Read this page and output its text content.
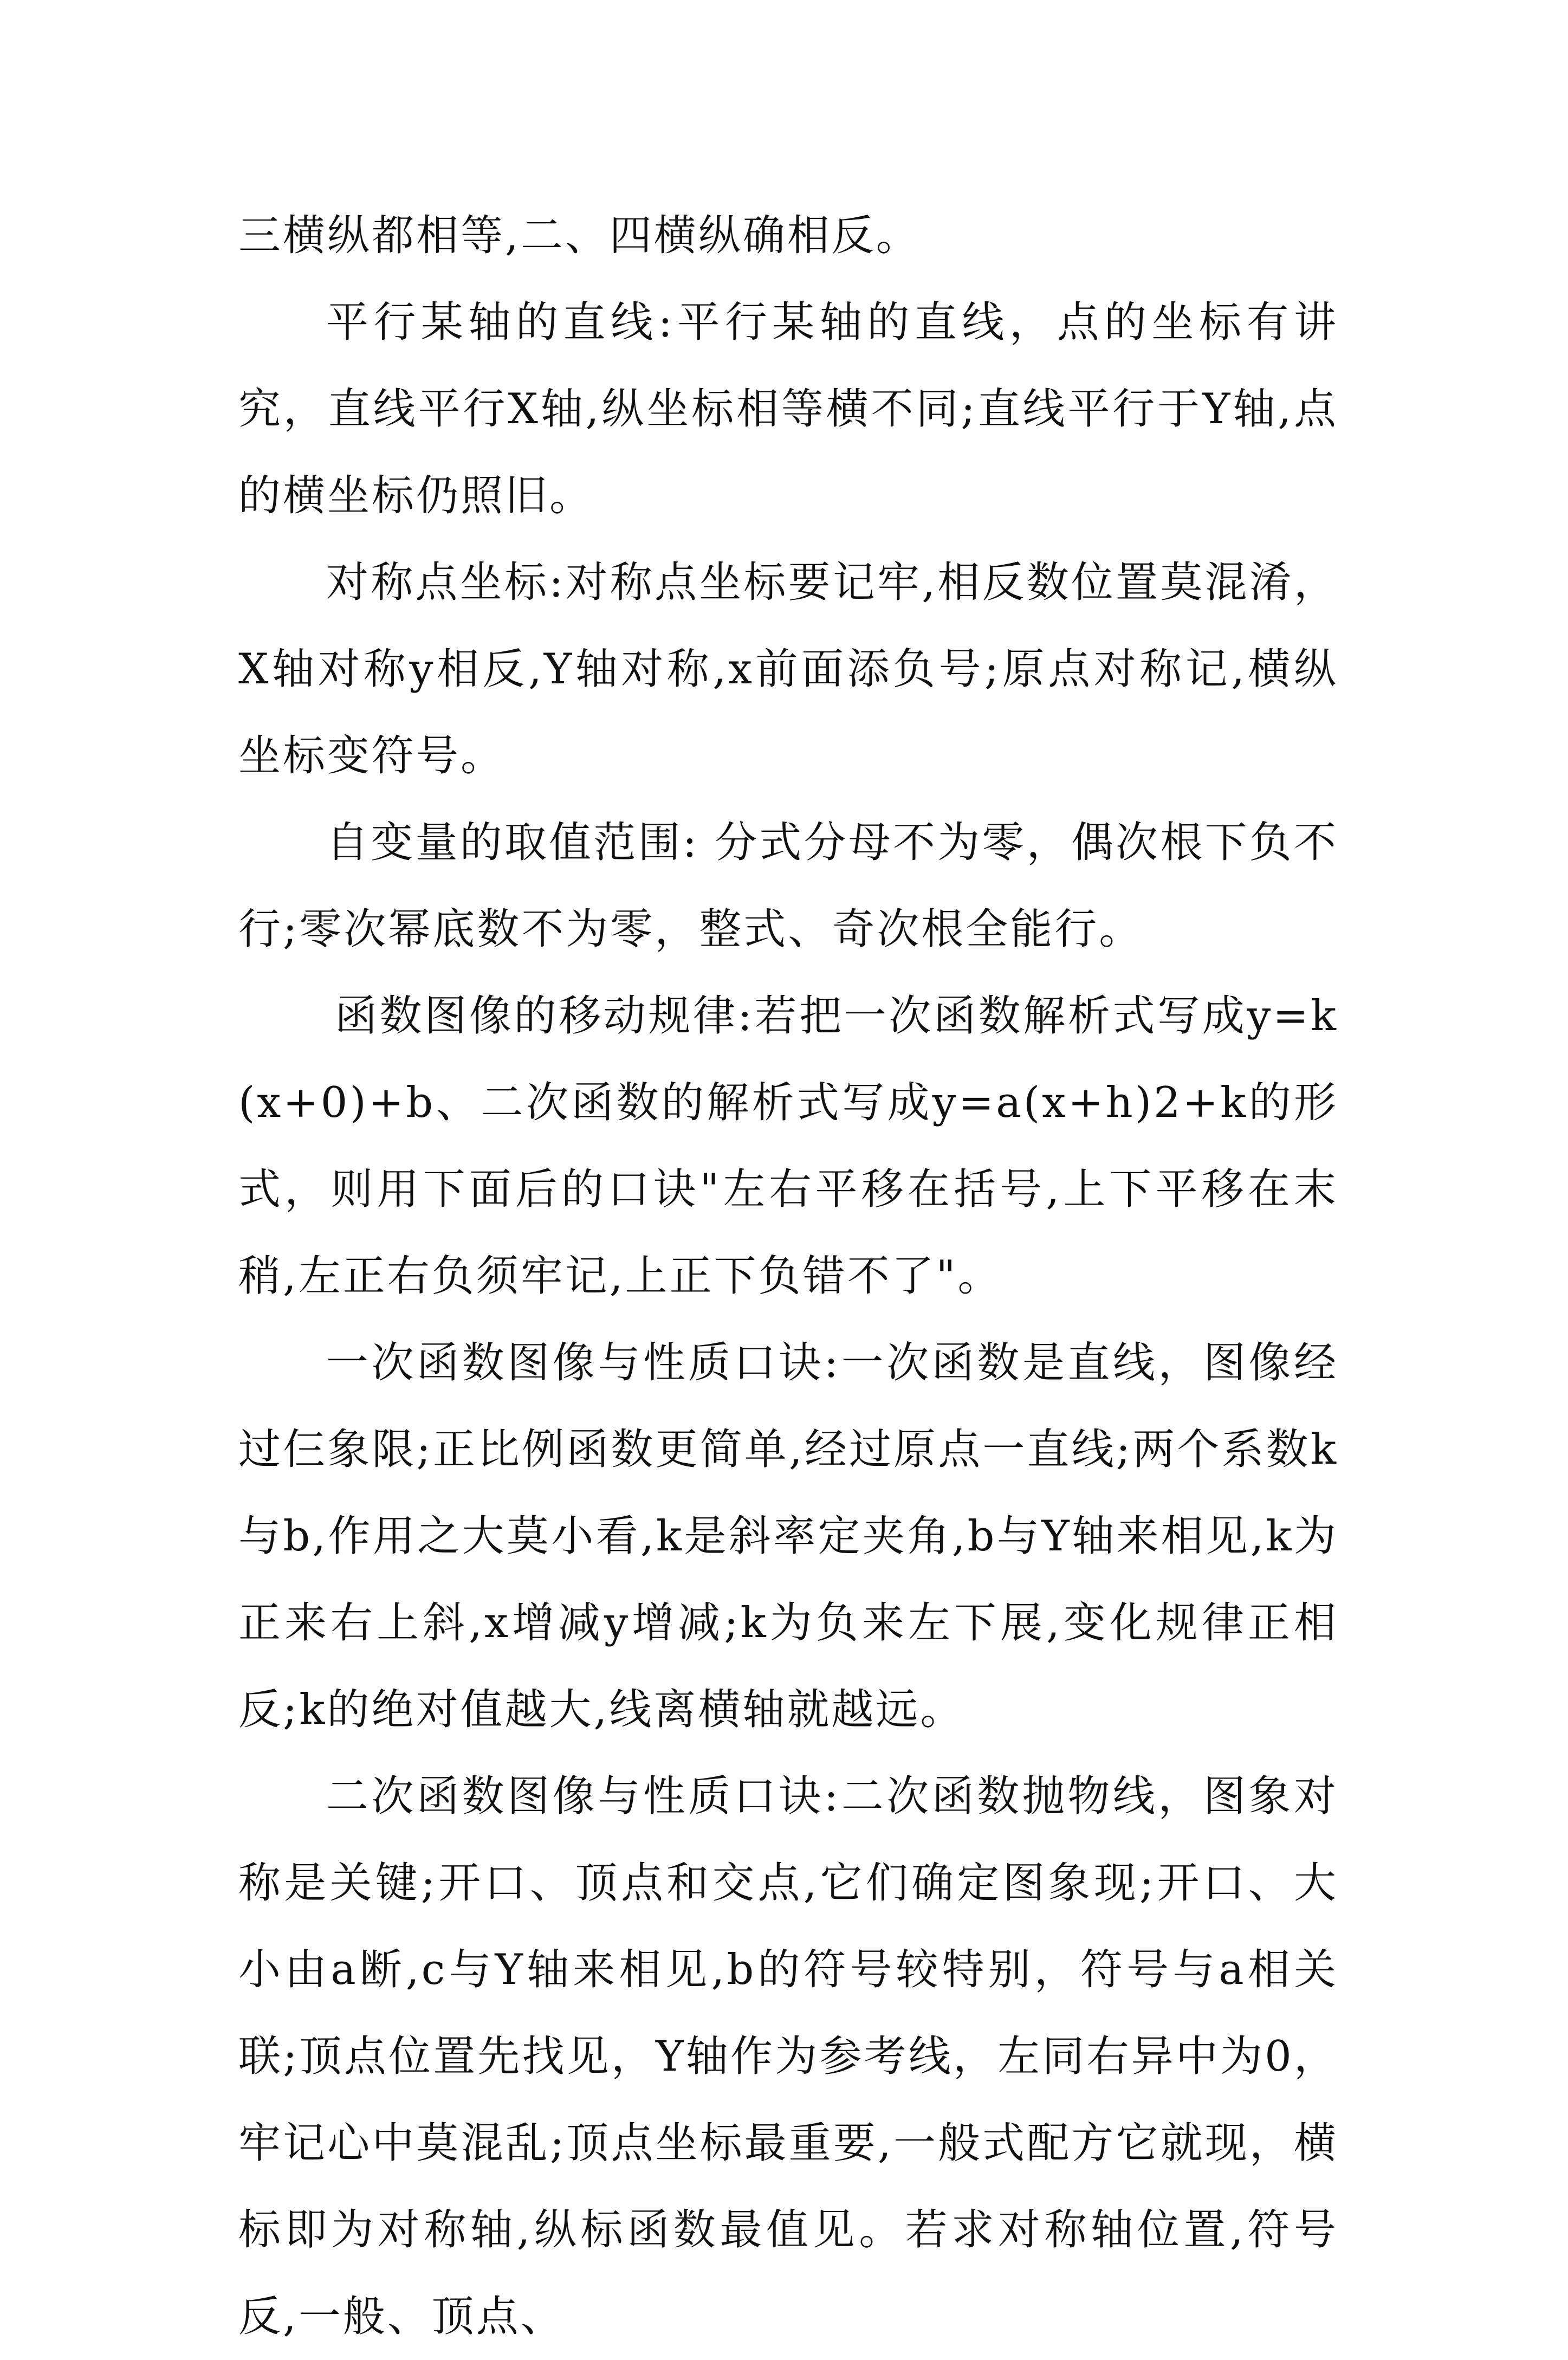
三横纵都相等,二、四横纵确相反。

平行某轴的直线:平行某轴的直线，点的坐标有讲究，直线平行X轴,纵坐标相等横不同;直线平行于Y轴,点的横坐标仍照旧。

对称点坐标:对称点坐标要记牢,相反数位置莫混淆，X轴对称y相反,Y轴对称,x前面添负号;原点对称记,横纵坐标变符号。

自变量的取值范围: 分式分母不为零，偶次根下负不行;零次幂底数不为零，整式、奇次根全能行。

函数图像的移动规律:若把一次函数解析式写成y=k(x+0)+b、二次函数的解析式写成y=a(x+h)2+k的形式，则用下面后的口诀"左右平移在括号,上下平移在末稍,左正右负须牢记,上正下负错不了"。

一次函数图像与性质口诀:一次函数是直线，图像经过仨象限;正比例函数更简单,经过原点一直线;两个系数k与b,作用之大莫小看,k是斜率定夹角,b与Y轴来相见,k为正来右上斜,x增减y增减;k为负来左下展,变化规律正相反;k的绝对值越大,线离横轴就越远。

二次函数图像与性质口诀:二次函数抛物线，图象对称是关键;开口、顶点和交点,它们确定图象现;开口、大小由a断,c与Y轴来相见,b的符号较特别，符号与a相关联;顶点位置先找见，Y轴作为参考线，左同右异中为0，牢记心中莫混乱;顶点坐标最重要,一般式配方它就现，横标即为对称轴,纵标函数最值见。若求对称轴位置,符号反,一般、顶点、
